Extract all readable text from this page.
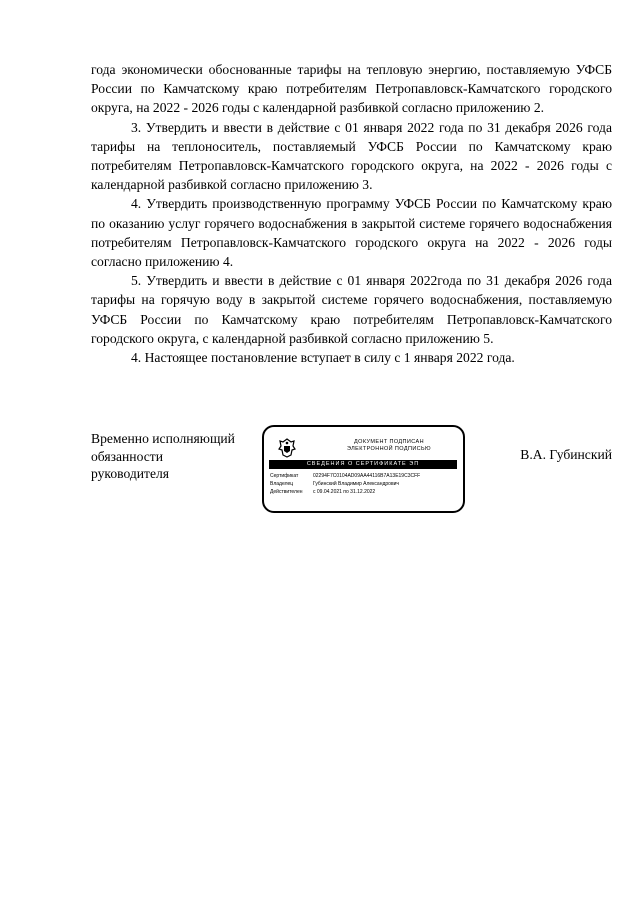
года экономически обоснованные тарифы на тепловую энергию, поставляемую УФСБ России по Камчатскому краю потребителям Петропавловск-Камчатского городского округа, на 2022 - 2026 годы с календарной разбивкой согласно приложению 2.

3. Утвердить и ввести в действие с 01 января 2022 года по 31 декабря 2026 года тарифы на теплоноситель, поставляемый УФСБ России по Камчатскому краю потребителям Петропавловск-Камчатского городского округа, на 2022 - 2026 годы с календарной разбивкой согласно приложению 3.

4. Утвердить производственную программу УФСБ России по Камчатскому краю по оказанию услуг горячего водоснабжения в закрытой системе горячего водоснабжения потребителям Петропавловск-Камчатского городского округа на 2022 - 2026 годы согласно приложению 4.

5. Утвердить и ввести в действие с 01 января 2022года по 31 декабря 2026 года тарифы на горячую воду в закрытой системе горячего водоснабжения, поставляемую УФСБ России по Камчатскому краю потребителям Петропавловск-Камчатского городского округа, с календарной разбивкой согласно приложению 5.

4. Настоящее постановление вступает в силу с 1 января 2022 года.

Временно исполняющий
обязанности
руководителя
ДОКУМЕНТ ПОДПИСАН
ЭЛЕКТРОННОЙ ПОДПИСЬЮ
СВЕДЕНИЯ О СЕРТИФИКАТЕ ЭП
Сертификат	02294F7C0104AD09AA44116B7A13E19C3CFF
Владелец	Губинский Владимир Александрович
Действителен с 09.04.2021 по 31.12.2022
В.А. Губинский
